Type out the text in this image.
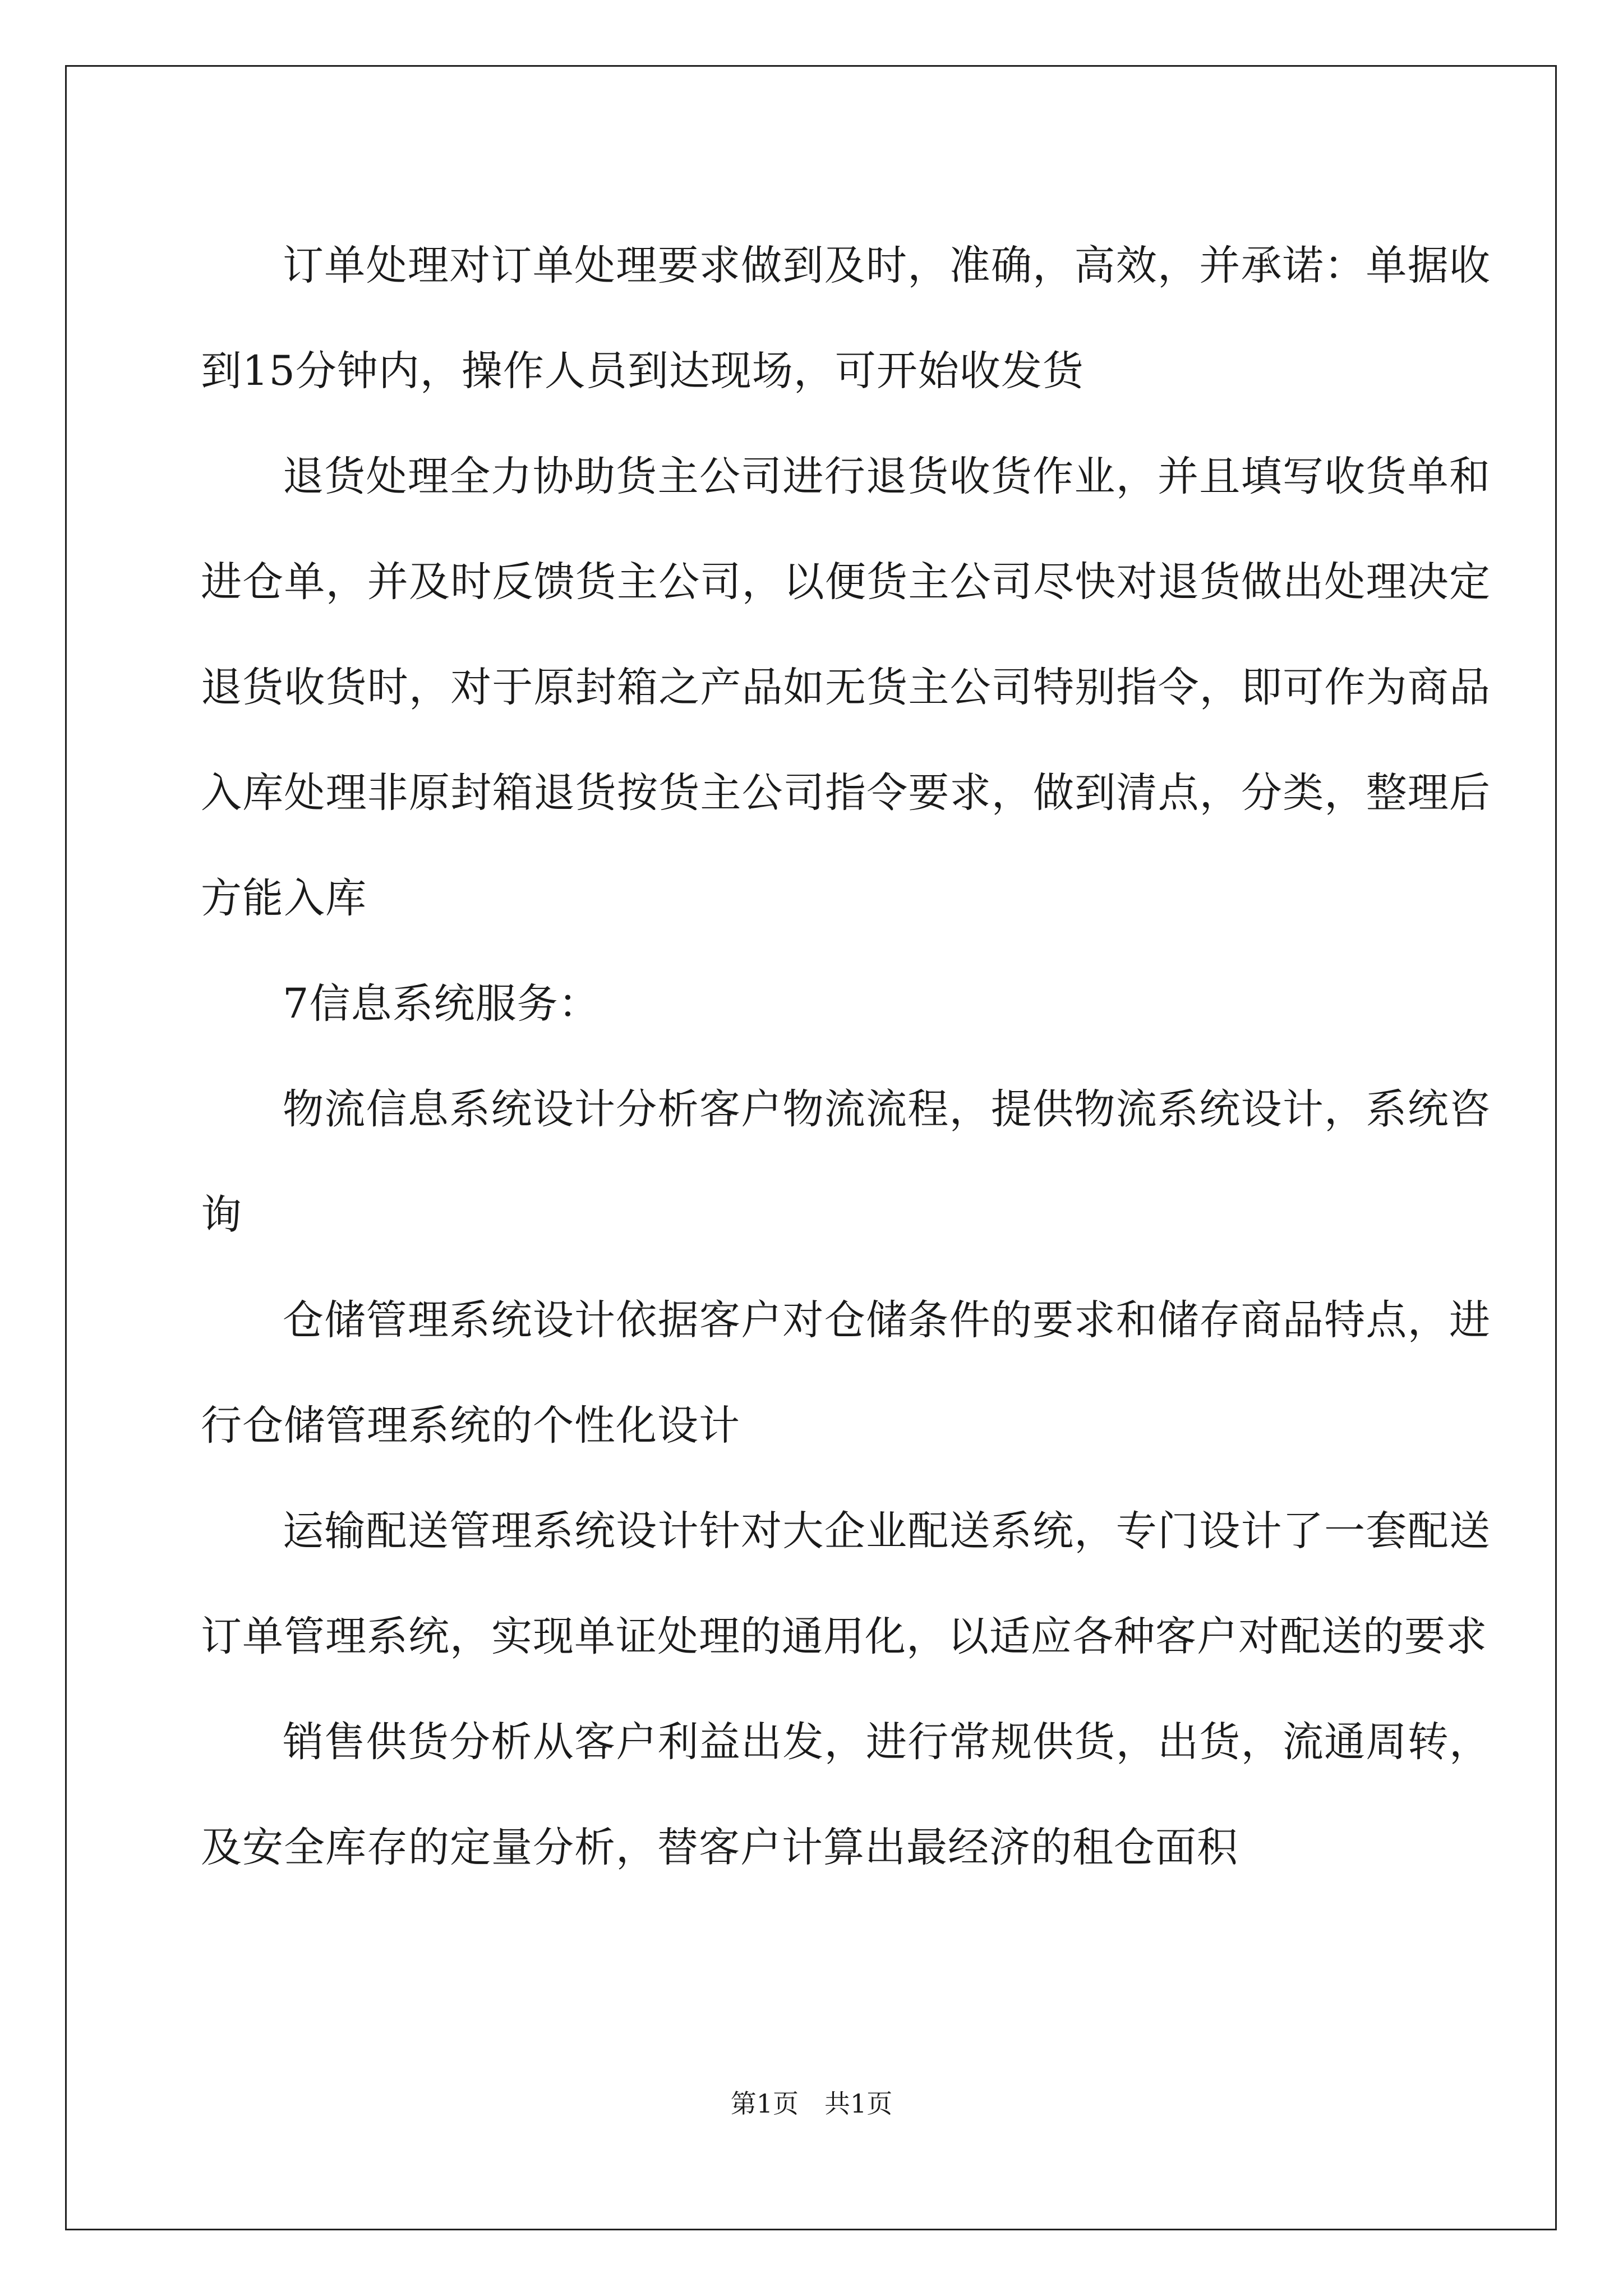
订单处理对订单处理要求做到及时，准确，高效，并承诺：单据收到15分钟内，操作人员到达现场，可开始收发货

退货处理全力协助货主公司进行退货收货作业，并且填写收货单和进仓单，并及时反馈货主公司，以便货主公司尽快对退货做出处理决定退货收货时，对于原封箱之产品如无货主公司特别指令，即可作为商品入库处理非原封箱退货按货主公司指令要求，做到清点，分类，整理后方能入库

7信息系统服务：

物流信息系统设计分析客户物流流程，提供物流系统设计，系统咨询

仓储管理系统设计依据客户对仓储条件的要求和储存商品特点，进行仓储管理系统的个性化设计

运输配送管理系统设计针对大企业配送系统，专门设计了一套配送订单管理系统，实现单证处理的通用化，以适应各种客户对配送的要求

销售供货分析从客户利益出发，进行常规供货，出货，流通周转，及安全库存的定量分析，替客户计算出最经济的租仓面积

第1页 共1页
